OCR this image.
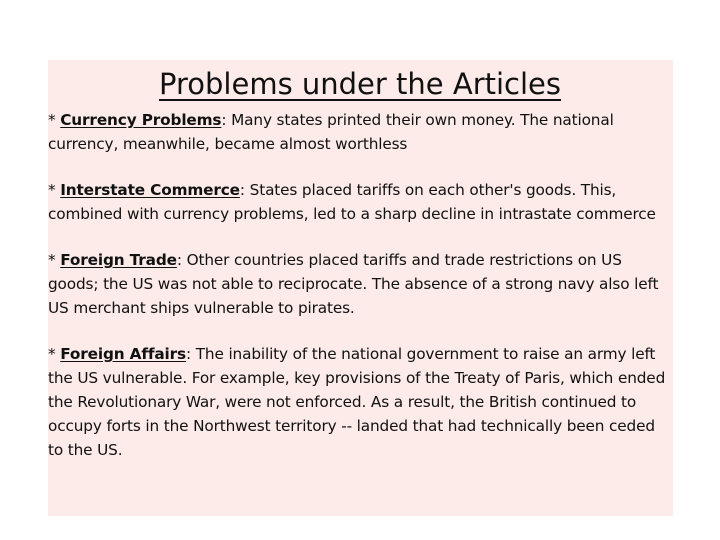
Problems under the Articles

* Currency Problems: Many states printed their own money. The national currency, meanwhile, became almost worthless

* Interstate Commerce: States placed tariffs on each other's goods. This, combined with currency problems, led to a sharp decline in intrastate commerce

* Foreign Trade: Other countries placed tariffs and trade restrictions on US goods; the US was not able to reciprocate. The absence of a strong navy also left US merchant ships vulnerable to pirates.

* Foreign Affairs: The inability of the national government to raise an army left the US vulnerable. For example, key provisions of the Treaty of Paris, which ended the Revolutionary War, were not enforced. As a result, the British continued to occupy forts in the Northwest territory -- landed that had technically been ceded to the US.
